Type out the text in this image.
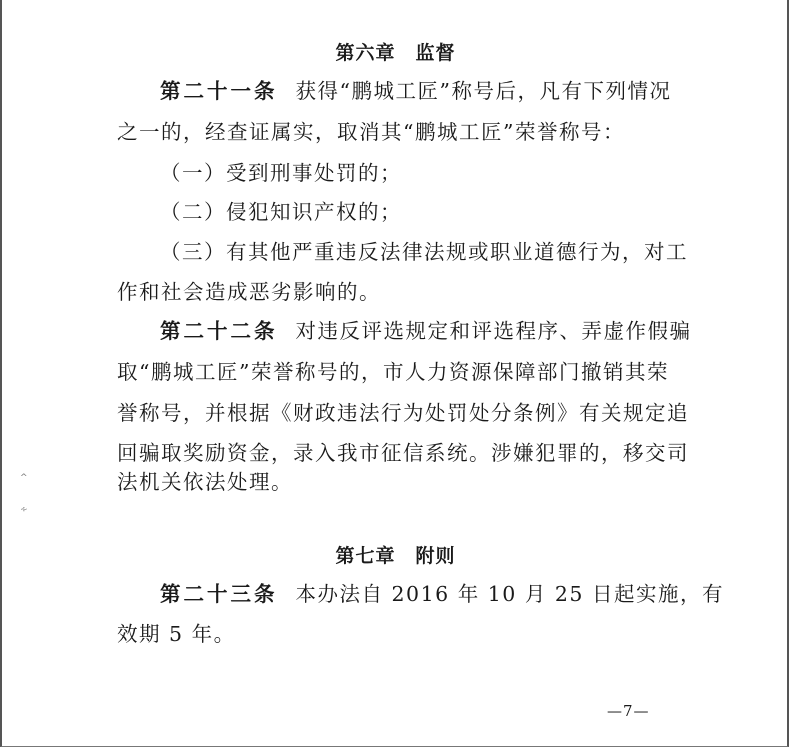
^
∻
第六章 监督
第二十一条 获得“鹏城工匠”称号后，凡有下列情况
之一的，经查证属实，取消其“鹏城工匠”荣誉称号：
（一）受到刑事处罚的；
（二）侵犯知识产权的；
（三）有其他严重违反法律法规或职业道德行为，对工
作和社会造成恶劣影响的。
第二十二条 对违反评选规定和评选程序、弄虚作假骗
取“鹏城工匠”荣誉称号的，市人力资源保障部门撤销其荣
誉称号，并根据《财政违法行为处罚处分条例》有关规定追
回骗取奖励资金，录入我市征信系统。涉嫌犯罪的，移交司
法机关依法处理。
第七章 附则
第二十三条 本办法自 2016 年 10 月 25 日起实施，有
效期 5 年。
—7—
